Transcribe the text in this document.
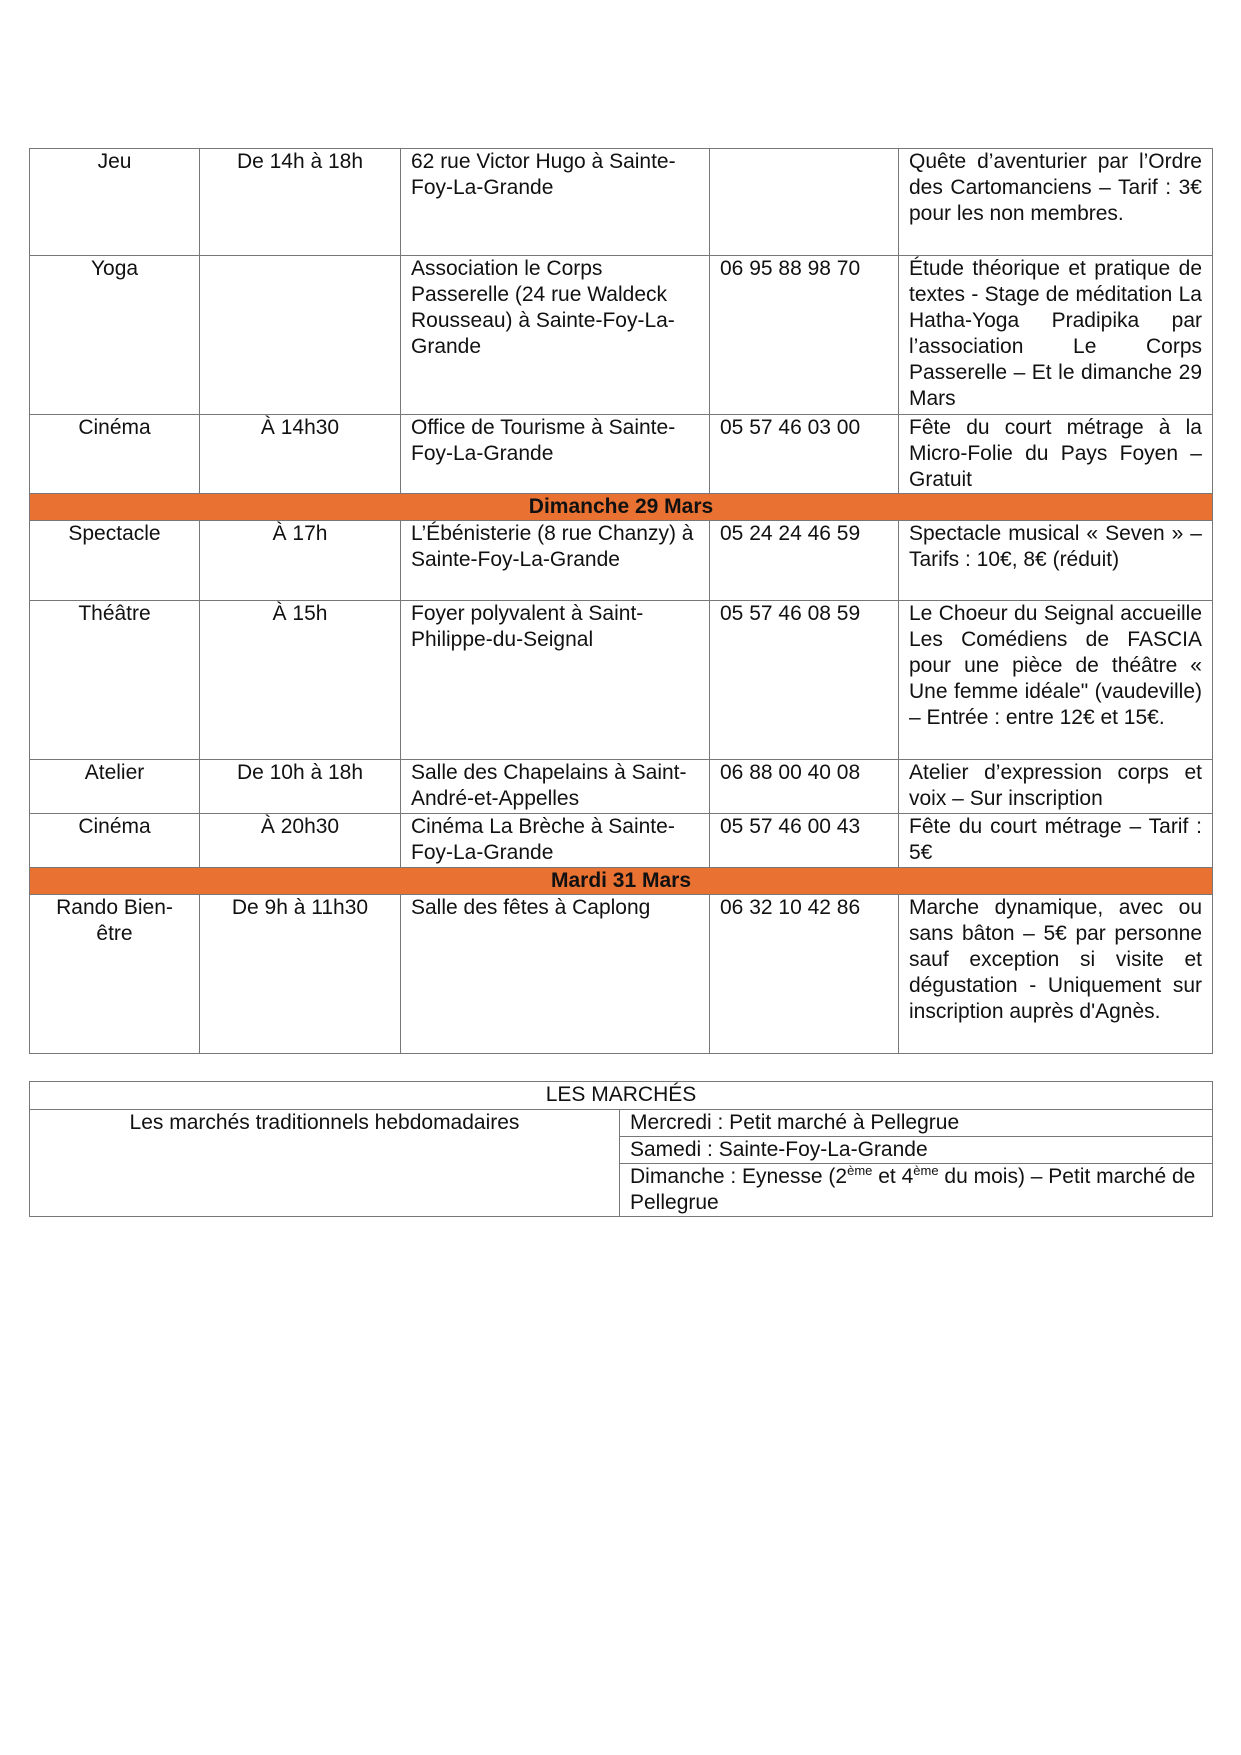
Jeu	De 14h à 18h	62 rue Victor Hugo à Sainte-Foy-La-Grande		Quête d’aventurier par l’Ordre des Cartomanciens – Tarif : 3€ pour les non membres.
Yoga		Association le Corps Passerelle (24 rue Waldeck Rousseau) à Sainte-Foy-La-Grande	06 95 88 98 70	Étude théorique et pratique de textes - Stage de méditation La Hatha-Yoga Pradipika par l’association Le Corps Passerelle – Et le dimanche 29 Mars
Cinéma	À 14h30	Office de Tourisme à Sainte-Foy-La-Grande	05 57 46 03 00	Fête du court métrage à la Micro-Folie du Pays Foyen – Gratuit
Dimanche 29 Mars				
Spectacle	À 17h	L’Ébénisterie (8 rue Chanzy) à Sainte-Foy-La-Grande	05 24 24 46 59	Spectacle musical « Seven » – Tarifs : 10€, 8€ (réduit)
Théâtre	À 15h	Foyer polyvalent à Saint-Philippe-du-Seignal	05 57 46 08 59	Le Choeur du Seignal accueille Les Comédiens de FASCIA pour une pièce de théâtre « Une femme idéale" (vaudeville) – Entrée : entre 12€ et 15€.
Atelier	De 10h à 18h	Salle des Chapelains à Saint-André-et-Appelles	06 88 00 40 08	Atelier d’expression corps et voix – Sur inscription
Cinéma	À 20h30	Cinéma La Brèche à Sainte-Foy-La-Grande	05 57 46 00 43	Fête du court métrage – Tarif : 5€
Mardi 31 Mars				
Rando Bien-être	De 9h à 11h30	Salle des fêtes à Caplong	06 32 10 42 86	Marche dynamique, avec ou sans bâton – 5€ par personne sauf exception si visite et dégustation - Uniquement sur inscription auprès d'Agnès.
LES MARCHÉS
Les marchés traditionnels hebdomadaires	Mercredi : Petit marché à Pellegrue
Samedi : Sainte-Foy-La-Grande
Dimanche : Eynesse (2ème et 4ème du mois) – Petit marché de Pellegrue
